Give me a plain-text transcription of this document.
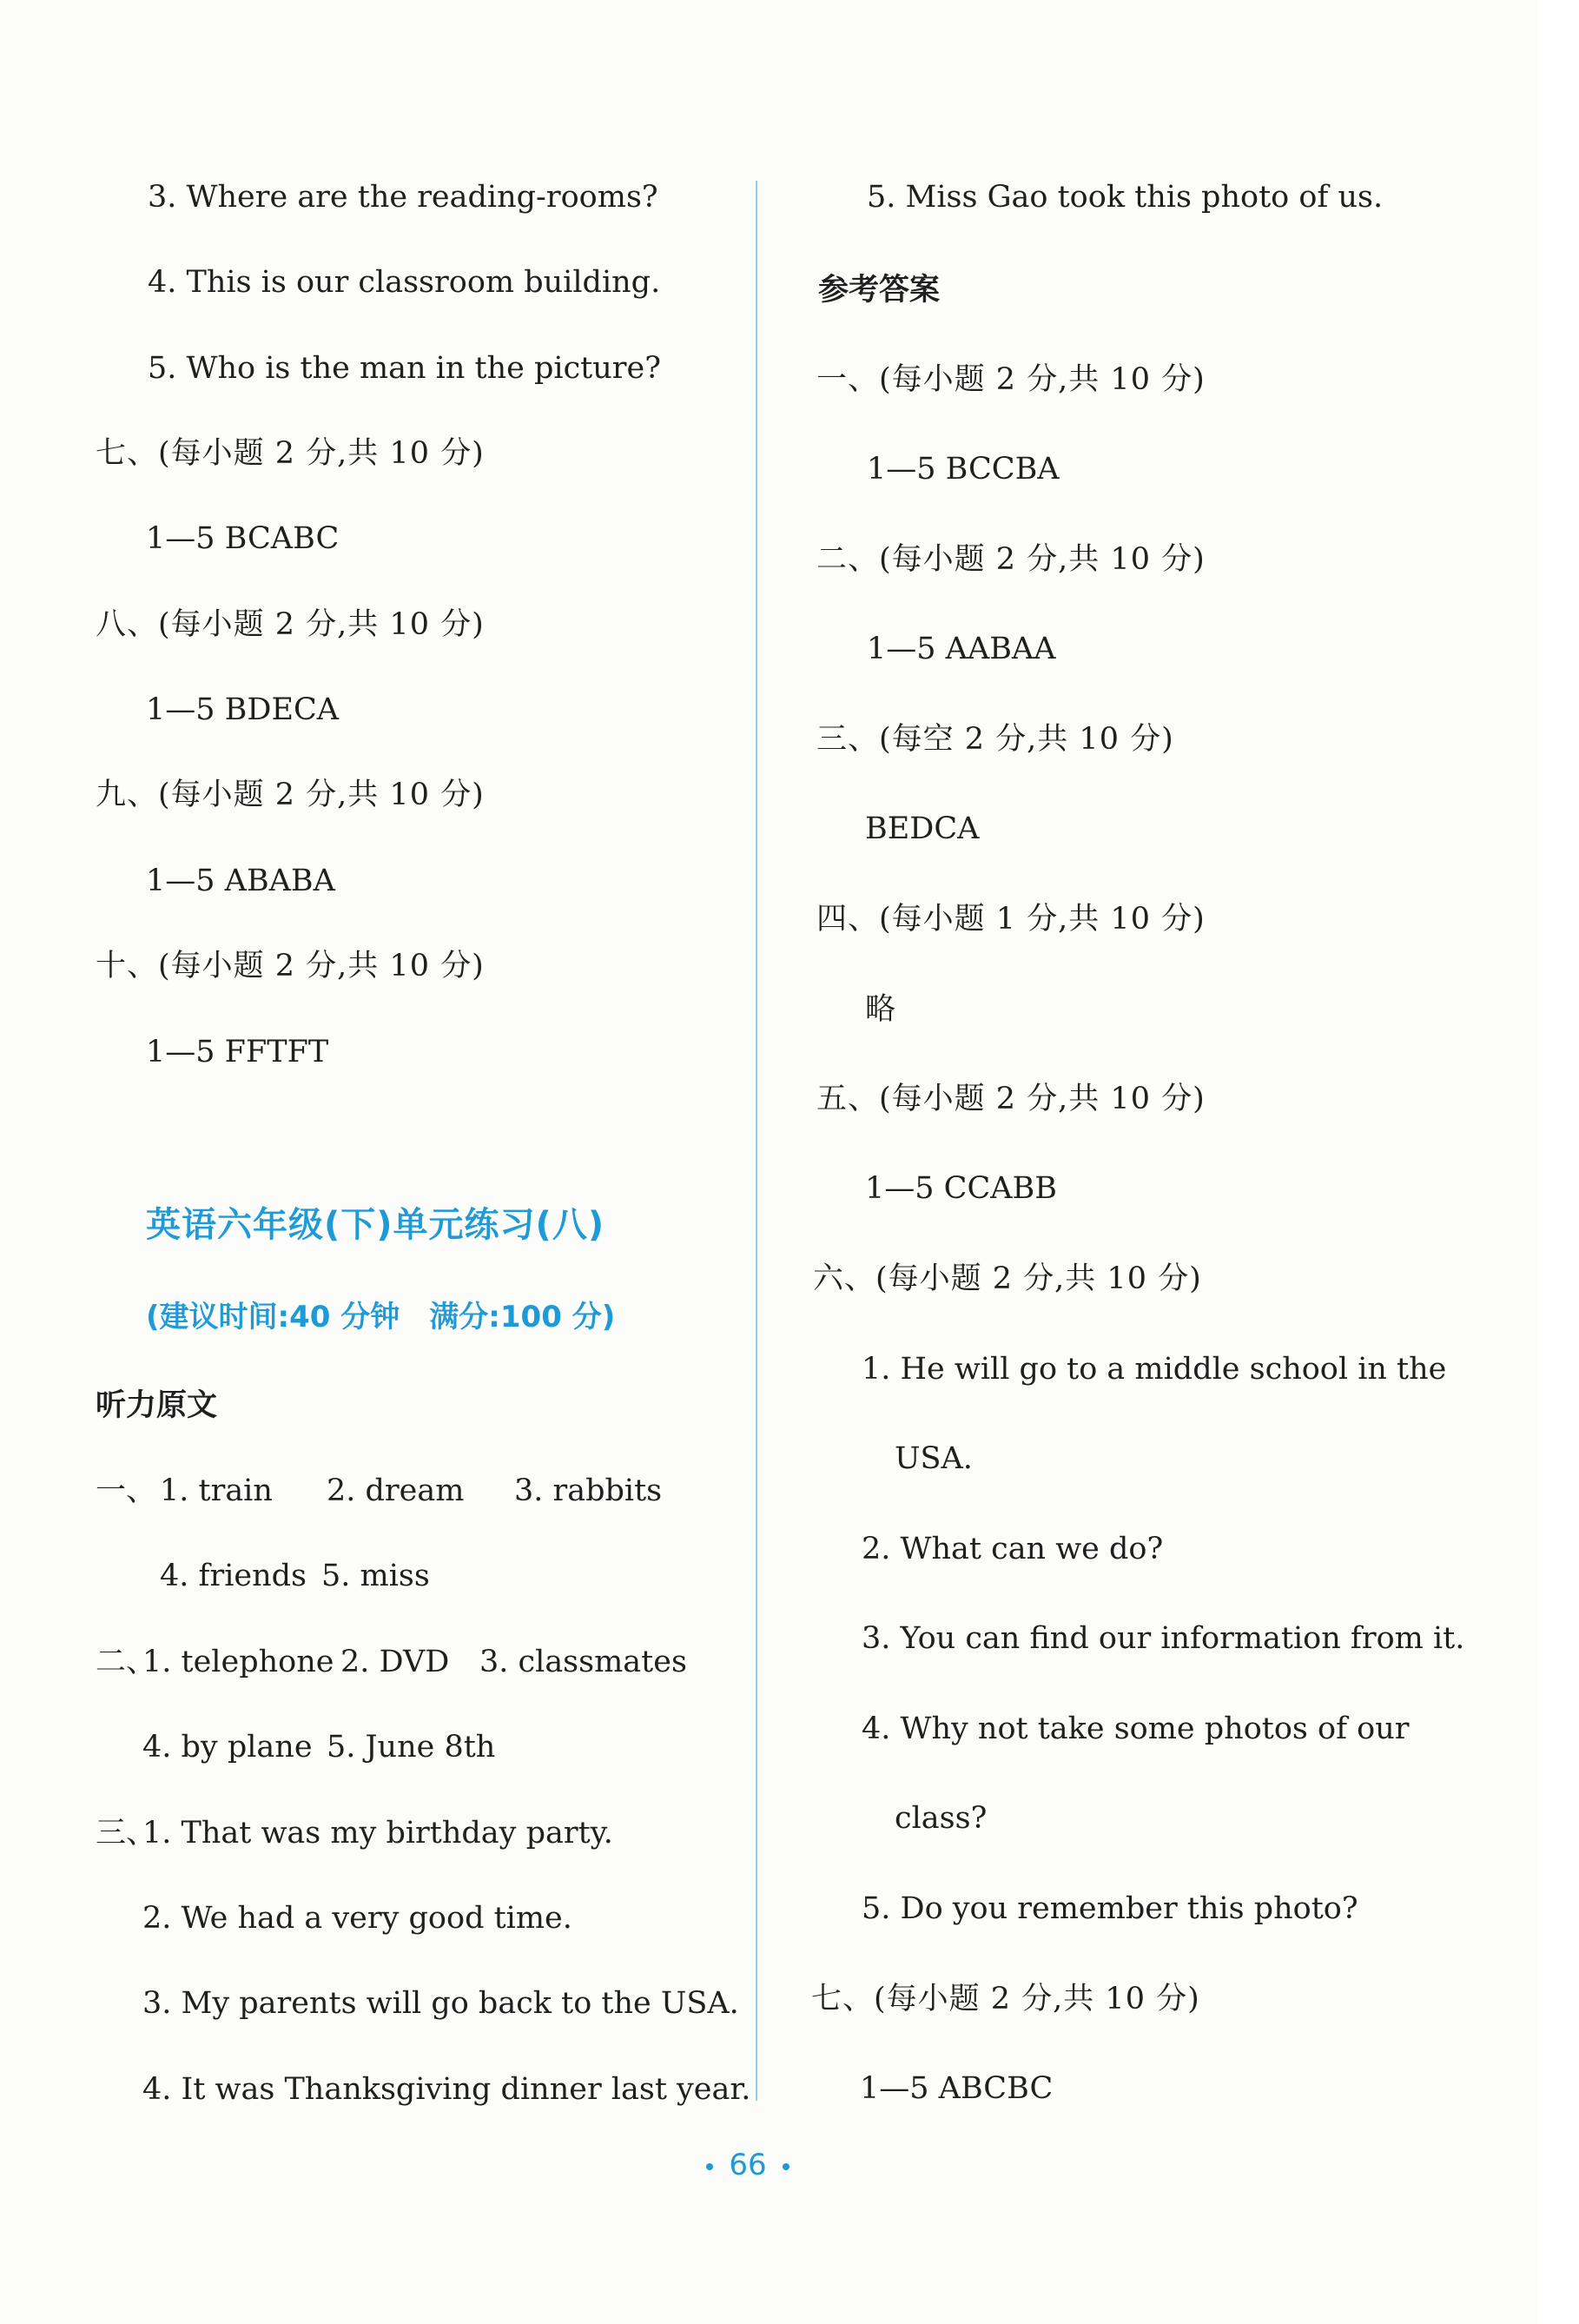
3. Where are the reading-rooms?
4. This is our classroom building.
5. Who is the man in the picture?
七、(每小题 2 分,共 10 分)
1—5 BCABC
八、(每小题 2 分,共 10 分)
1—5 BDECA
九、(每小题 2 分,共 10 分)
1—5 ABABA
十、(每小题 2 分,共 10 分)
1—5 FFTFT
英语六年级(下)单元练习(八)
(建议时间:40 分钟　满分:100 分)
听力原文
一、 1. train 2. dream 3. rabbits
4. friends 5. miss
二、
1. telephone 2. DVD 3. classmates
4. by plane 5. June 8th
三、
1. That was my birthday party.
2. We had a very good time.
3. My parents will go back to the USA.
4. It was Thanksgiving dinner last year.
5. Miss Gao took this photo of us.
参考答案
一、(每小题 2 分,共 10 分)
1—5 BCCBA
二、(每小题 2 分,共 10 分)
1—5 AABAA
三、(每空 2 分,共 10 分)
BEDCA
四、(每小题 1 分,共 10 分)
略
五、(每小题 2 分,共 10 分)
1—5 CCABB
六、(每小题 2 分,共 10 分)
1. He will go to a middle school in the
USA.
2. What can we do?
3. You can find our information from it.
4. Why not take some photos of our
class?
5. Do you remember this photo?
七、(每小题 2 分,共 10 分)
1—5 ABCBC
66
